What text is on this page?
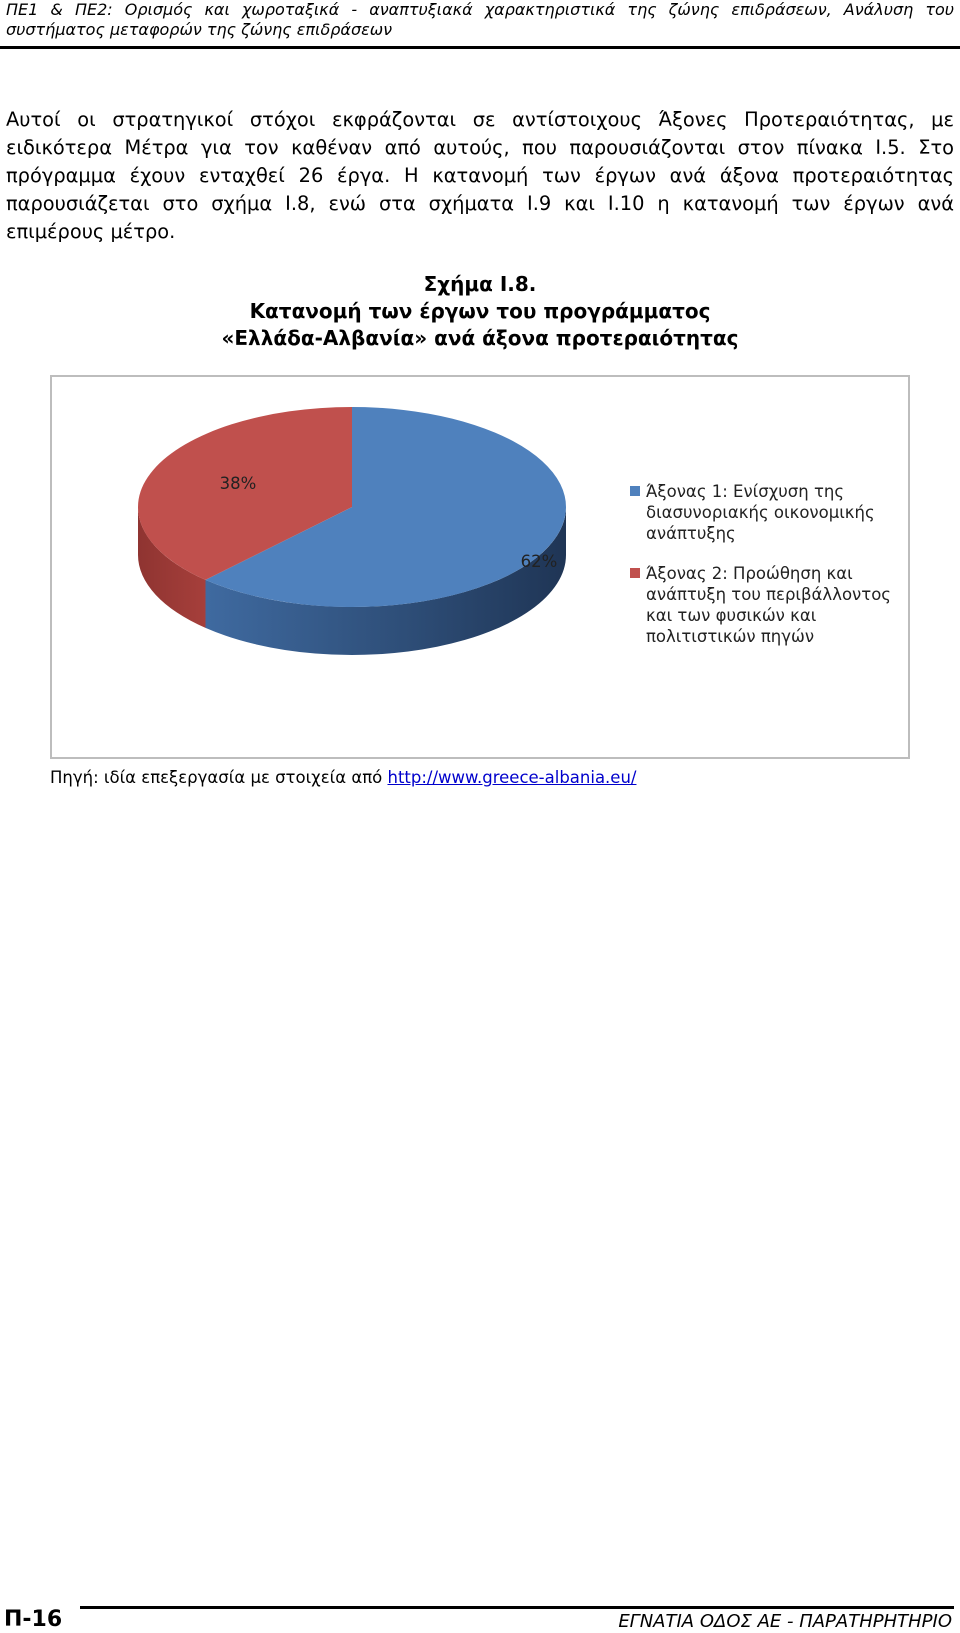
ΠΕ1 & ΠΕ2: Ορισμός και χωροταξικά - αναπτυξιακά χαρακτηριστικά της ζώνης επιδράσεων, Ανάλυση του συστήματος μεταφορών της ζώνης επιδράσεων

Αυτοί οι στρατηγικοί στόχοι εκφράζονται σε αντίστοιχους Άξονες Προτεραιότητας, με ειδικότερα Μέτρα για τον καθέναν από αυτούς, που παρουσιάζονται στον πίνακα Ι.5. Στο πρόγραμμα έχουν ενταχθεί 26 έργα. Η κατανομή των έργων ανά άξονα προτεραιότητας παρουσιάζεται στο σχήμα Ι.8, ενώ στα σχήματα Ι.9 και Ι.10 η κατανομή των έργων ανά επιμέρους μέτρο.

Σχήμα Ι.8.
Κατανομή των έργων του προγράμματος
«Ελλάδα-Αλβανία» ανά άξονα προτεραιότητας
62%
38%	Άξονας 1: Ενίσχυση της
διασυνοριακής οικονομικής
ανάπτυξης
Άξονας 2: Προώθηση και
ανάπτυξη του περιβάλλοντος
και των φυσικών και
πολιτιστικών πηγών
Πηγή: ιδία επεξεργασία με στοιχεία από http://www.greece-albania.eu/
Π-16	ΕΓΝΑΤΙΑ ΟΔΟΣ ΑΕ - ΠΑΡΑΤΗΡΗΤΗΡΙΟ
